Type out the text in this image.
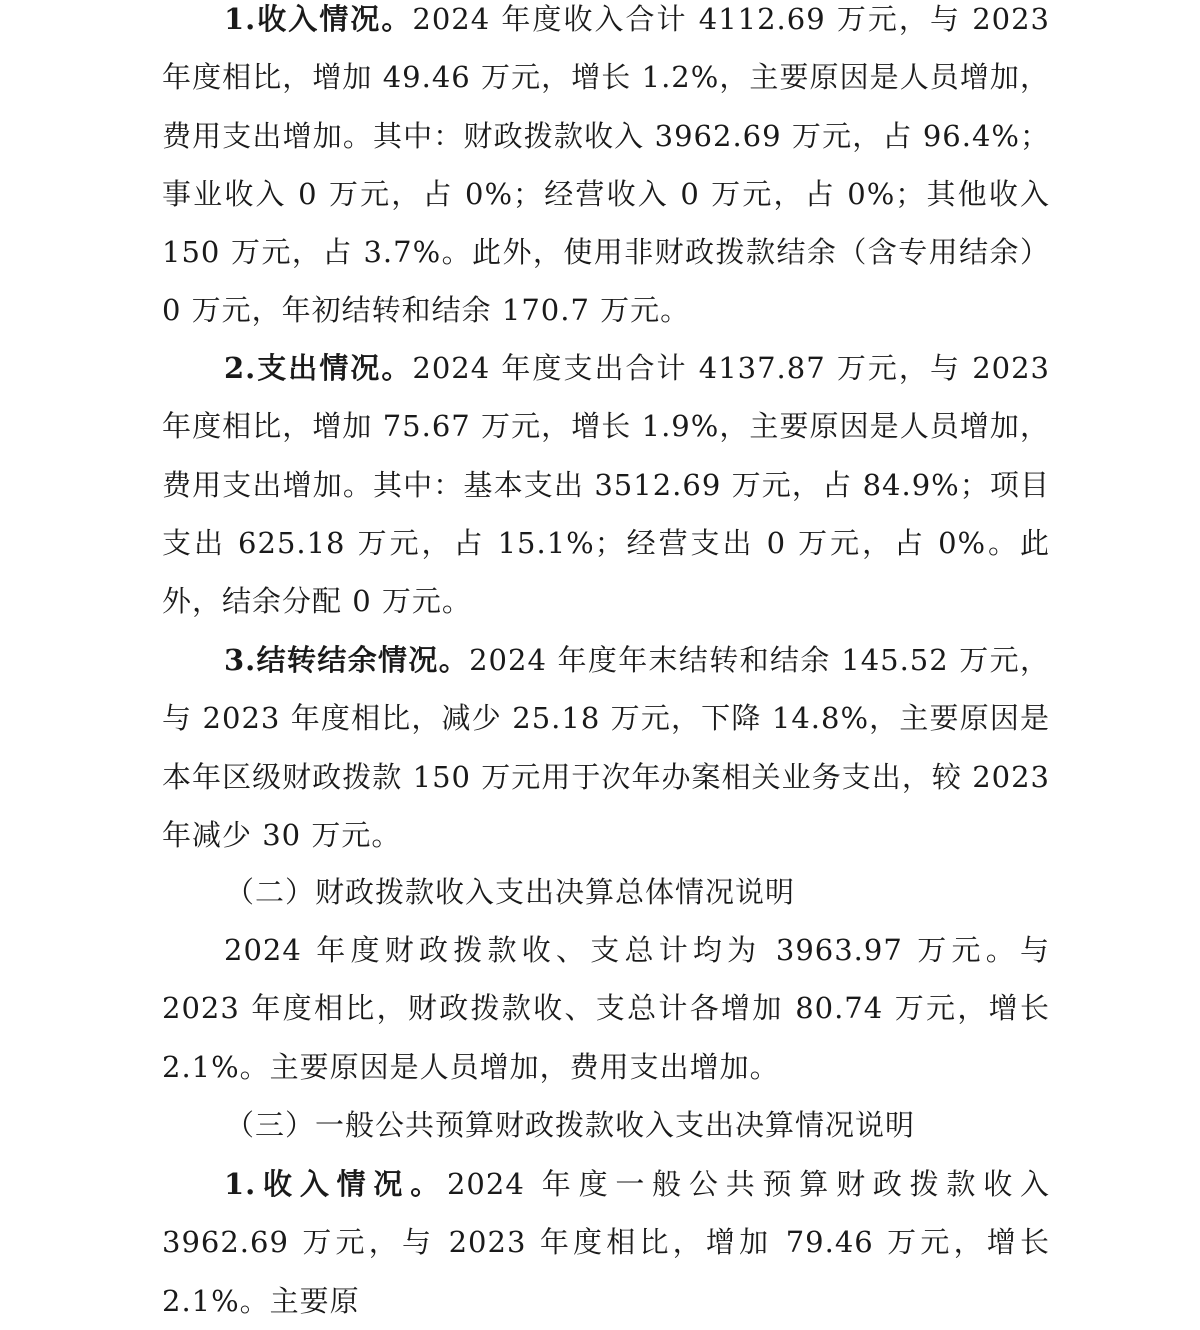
1.收入情况。2024 年度收入合计 4112.69 万元，与 2023 年度相比，增加 49.46 万元，增长 1.2%，主要原因是人员增加，费用支出增加。其中：财政拨款收入 3962.69 万元，占 96.4%；事业收入 0 万元，占 0%；经营收入 0 万元，占 0%；其他收入 150 万元，占 3.7%。此外，使用非财政拨款结余（含专用结余）0 万元，年初结转和结余 170.7 万元。

2.支出情况。2024 年度支出合计 4137.87 万元，与 2023 年度相比，增加 75.67 万元，增长 1.9%，主要原因是人员增加，费用支出增加。其中：基本支出 3512.69 万元，占 84.9%；项目支出 625.18 万元，占 15.1%；经营支出 0 万元，占 0%。此外，结余分配 0 万元。

3.结转结余情况。2024 年度年末结转和结余 145.52 万元，与 2023 年度相比，减少 25.18 万元，下降 14.8%，主要原因是本年区级财政拨款 150 万元用于次年办案相关业务支出，较 2023 年减少 30 万元。

（二）财政拨款收入支出决算总体情况说明

2024 年度财政拨款收、支总计均为 3963.97 万元。与 2023 年度相比，财政拨款收、支总计各增加 80.74 万元，增长 2.1%。主要原因是人员增加，费用支出增加。

（三）一般公共预算财政拨款收入支出决算情况说明

1.收入情况。2024 年度一般公共预算财政拨款收入 3962.69 万元，与 2023 年度相比，增加 79.46 万元，增长 2.1%。主要原
